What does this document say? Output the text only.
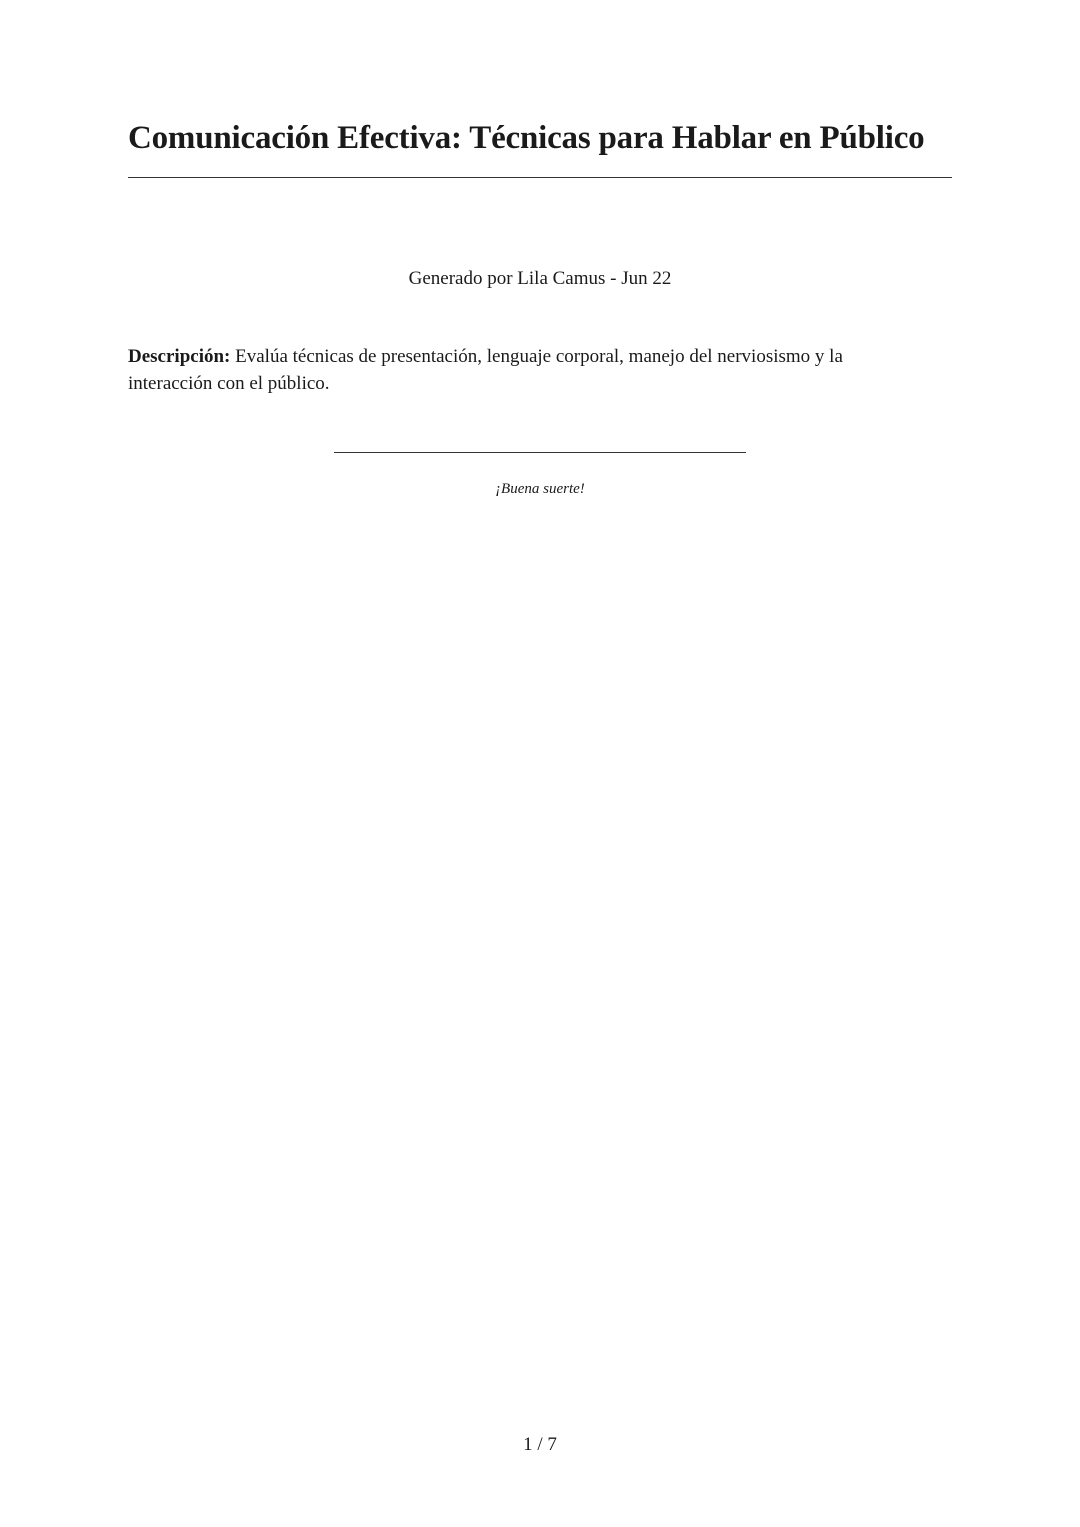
Comunicación Efectiva: Técnicas para Hablar en Público
Generado por Lila Camus - Jun 22

Descripción: Evalúa técnicas de presentación, lenguaje corporal, manejo del nerviosismo y la interacción con el público.

¡Buena suerte!
1 / 7
